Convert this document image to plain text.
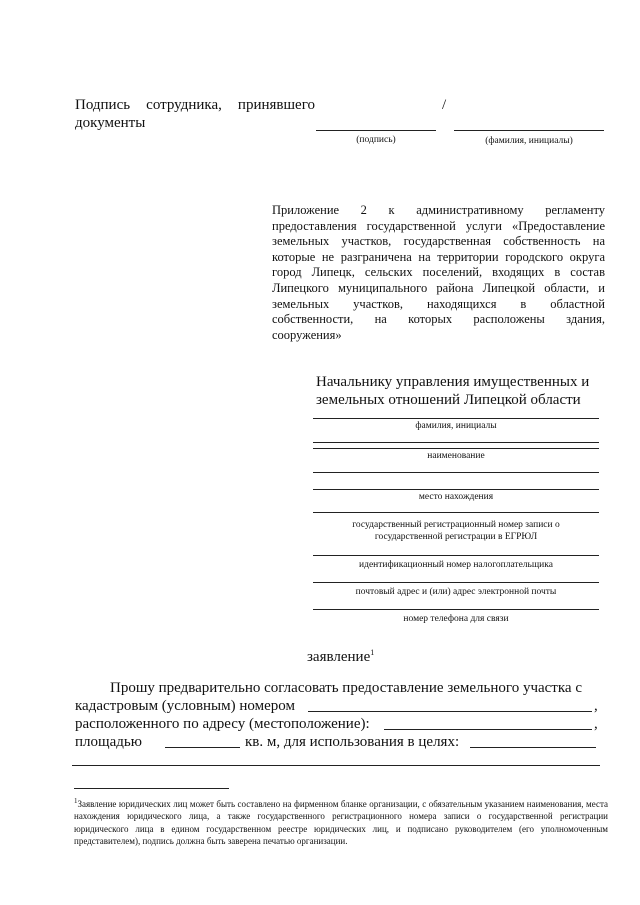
Подпись сотрудника, принявшего документы
/
(подпись)	(фамилия, инициалы)
Приложение 2 к административному регламенту
предоставления государственной услуги «Предоставление
земельных участков, государственная собственность на
которые не разграничена на территории городского округа
город Липецк, сельских поселений, входящих в состав
Липецкого муниципального района Липецкой области, и
земельных участков, находящихся в областной
собственности, на которых расположены здания,
сооружения»
Начальнику управления имущественных и
земельных отношений Липецкой области
фамилия, инициалы
наименование
место нахождения
государственный регистрационный номер записи о
государственной регистрации в ЕГРЮЛ
идентификационный номер налогоплательщика
почтовый адрес и (или) адрес электронной почты
номер телефона для связи
заявление$^1$
Прошу предварительно согласовать предоставление земельного участка с
кадастровым (условным) номером	,
расположенного по адресу (местоположение):	,
площадью	кв. м, для использования в целях:
$^1$Заявление юридических лиц может быть составлено на фирменном бланке организации, с обязательным указанием наименования, места нахождения юридического лица, а также государственного регистрационного номера записи о государственной регистрации юридического лица в едином государственном реестре юридических лиц, и подписано руководителем (его уполномоченным представителем), подпись должна быть заверена печатью организации.
